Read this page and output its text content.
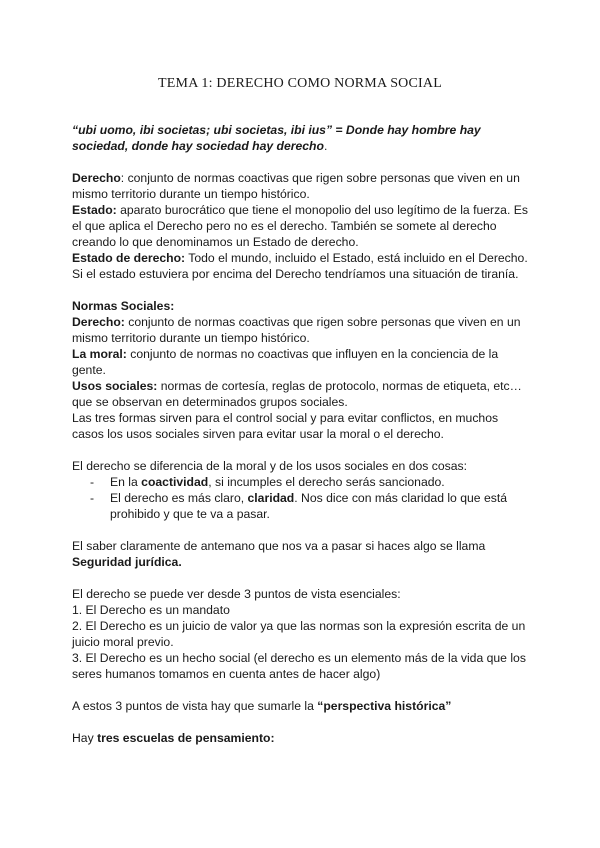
TEMA 1: DERECHO COMO NORMA SOCIAL

“ubi uomo, ibi societas; ubi societas, ibi ius” = Donde hay hombre hay sociedad, donde hay sociedad hay derecho.

Derecho: conjunto de normas coactivas que rigen sobre personas que viven en un mismo territorio durante un tiempo histórico.

Estado: aparato burocrático que tiene el monopolio del uso legítimo de la fuerza. Es el que aplica el Derecho pero no es el derecho. También se somete al derecho creando lo que denominamos un Estado de derecho.

Estado de derecho: Todo el mundo, incluido el Estado, está incluido en el Derecho. Si el estado estuviera por encima del Derecho tendríamos una situación de tiranía.

Normas Sociales:

Derecho: conjunto de normas coactivas que rigen sobre personas que viven en un mismo territorio durante un tiempo histórico.

La moral: conjunto de normas no coactivas que influyen en la conciencia de la gente.

Usos sociales: normas de cortesía, reglas de protocolo, normas de etiqueta, etc… que se observan en determinados grupos sociales.

Las tres formas sirven para el control social y para evitar conflictos, en muchos casos los usos sociales sirven para evitar usar la moral o el derecho.

El derecho se diferencia de la moral y de los usos sociales en dos cosas:

- En la coactividad, si incumples el derecho serás sancionado.
- El derecho es más claro, claridad. Nos dice con más claridad lo que está prohibido y que te va a pasar.

El saber claramente de antemano que nos va a pasar si haces algo se llama Seguridad jurídica.

El derecho se puede ver desde 3 puntos de vista esenciales:

1. El Derecho es un mandato

2. El Derecho es un juicio de valor ya que las normas son la expresión escrita de un juicio moral previo.

3. El Derecho es un hecho social (el derecho es un elemento más de la vida que los seres humanos tomamos en cuenta antes de hacer algo)

A estos 3 puntos de vista hay que sumarle la “perspectiva histórica”

Hay tres escuelas de pensamiento:
